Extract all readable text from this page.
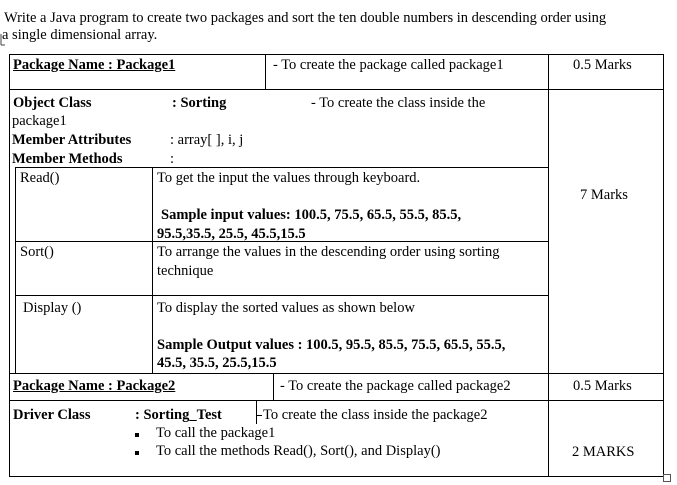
Write a Java program to create two packages and sort the ten double numbers in descending order using
a single dimensional array.
Package Name : Package1	- To create the package called package1	0.5 Marks
Object Class	: Sorting	- To create the class inside the
package1
Member Attributes	: array[ ], i, j
Member Methods	:
7 Marks
Read()	To get the input the values through keyboard.
Sample input values: 100.5, 75.5, 65.5, 55.5, 85.5,
95.5,35.5, 25.5, 45.5,15.5
Sort()	To arrange the values in the descending order using sorting
technique
Display ()	To display the sorted values as shown below
Sample Output values : 100.5, 95.5, 85.5, 75.5, 65.5, 55.5,
45.5, 35.5, 25.5,15.5
Package Name : Package2	- To create the package called package2	0.5 Marks
Driver Class	: Sorting_Test	To create the class inside the package2
To call the package1
To call the methods Read(), Sort(), and Display()	2 MARKS
